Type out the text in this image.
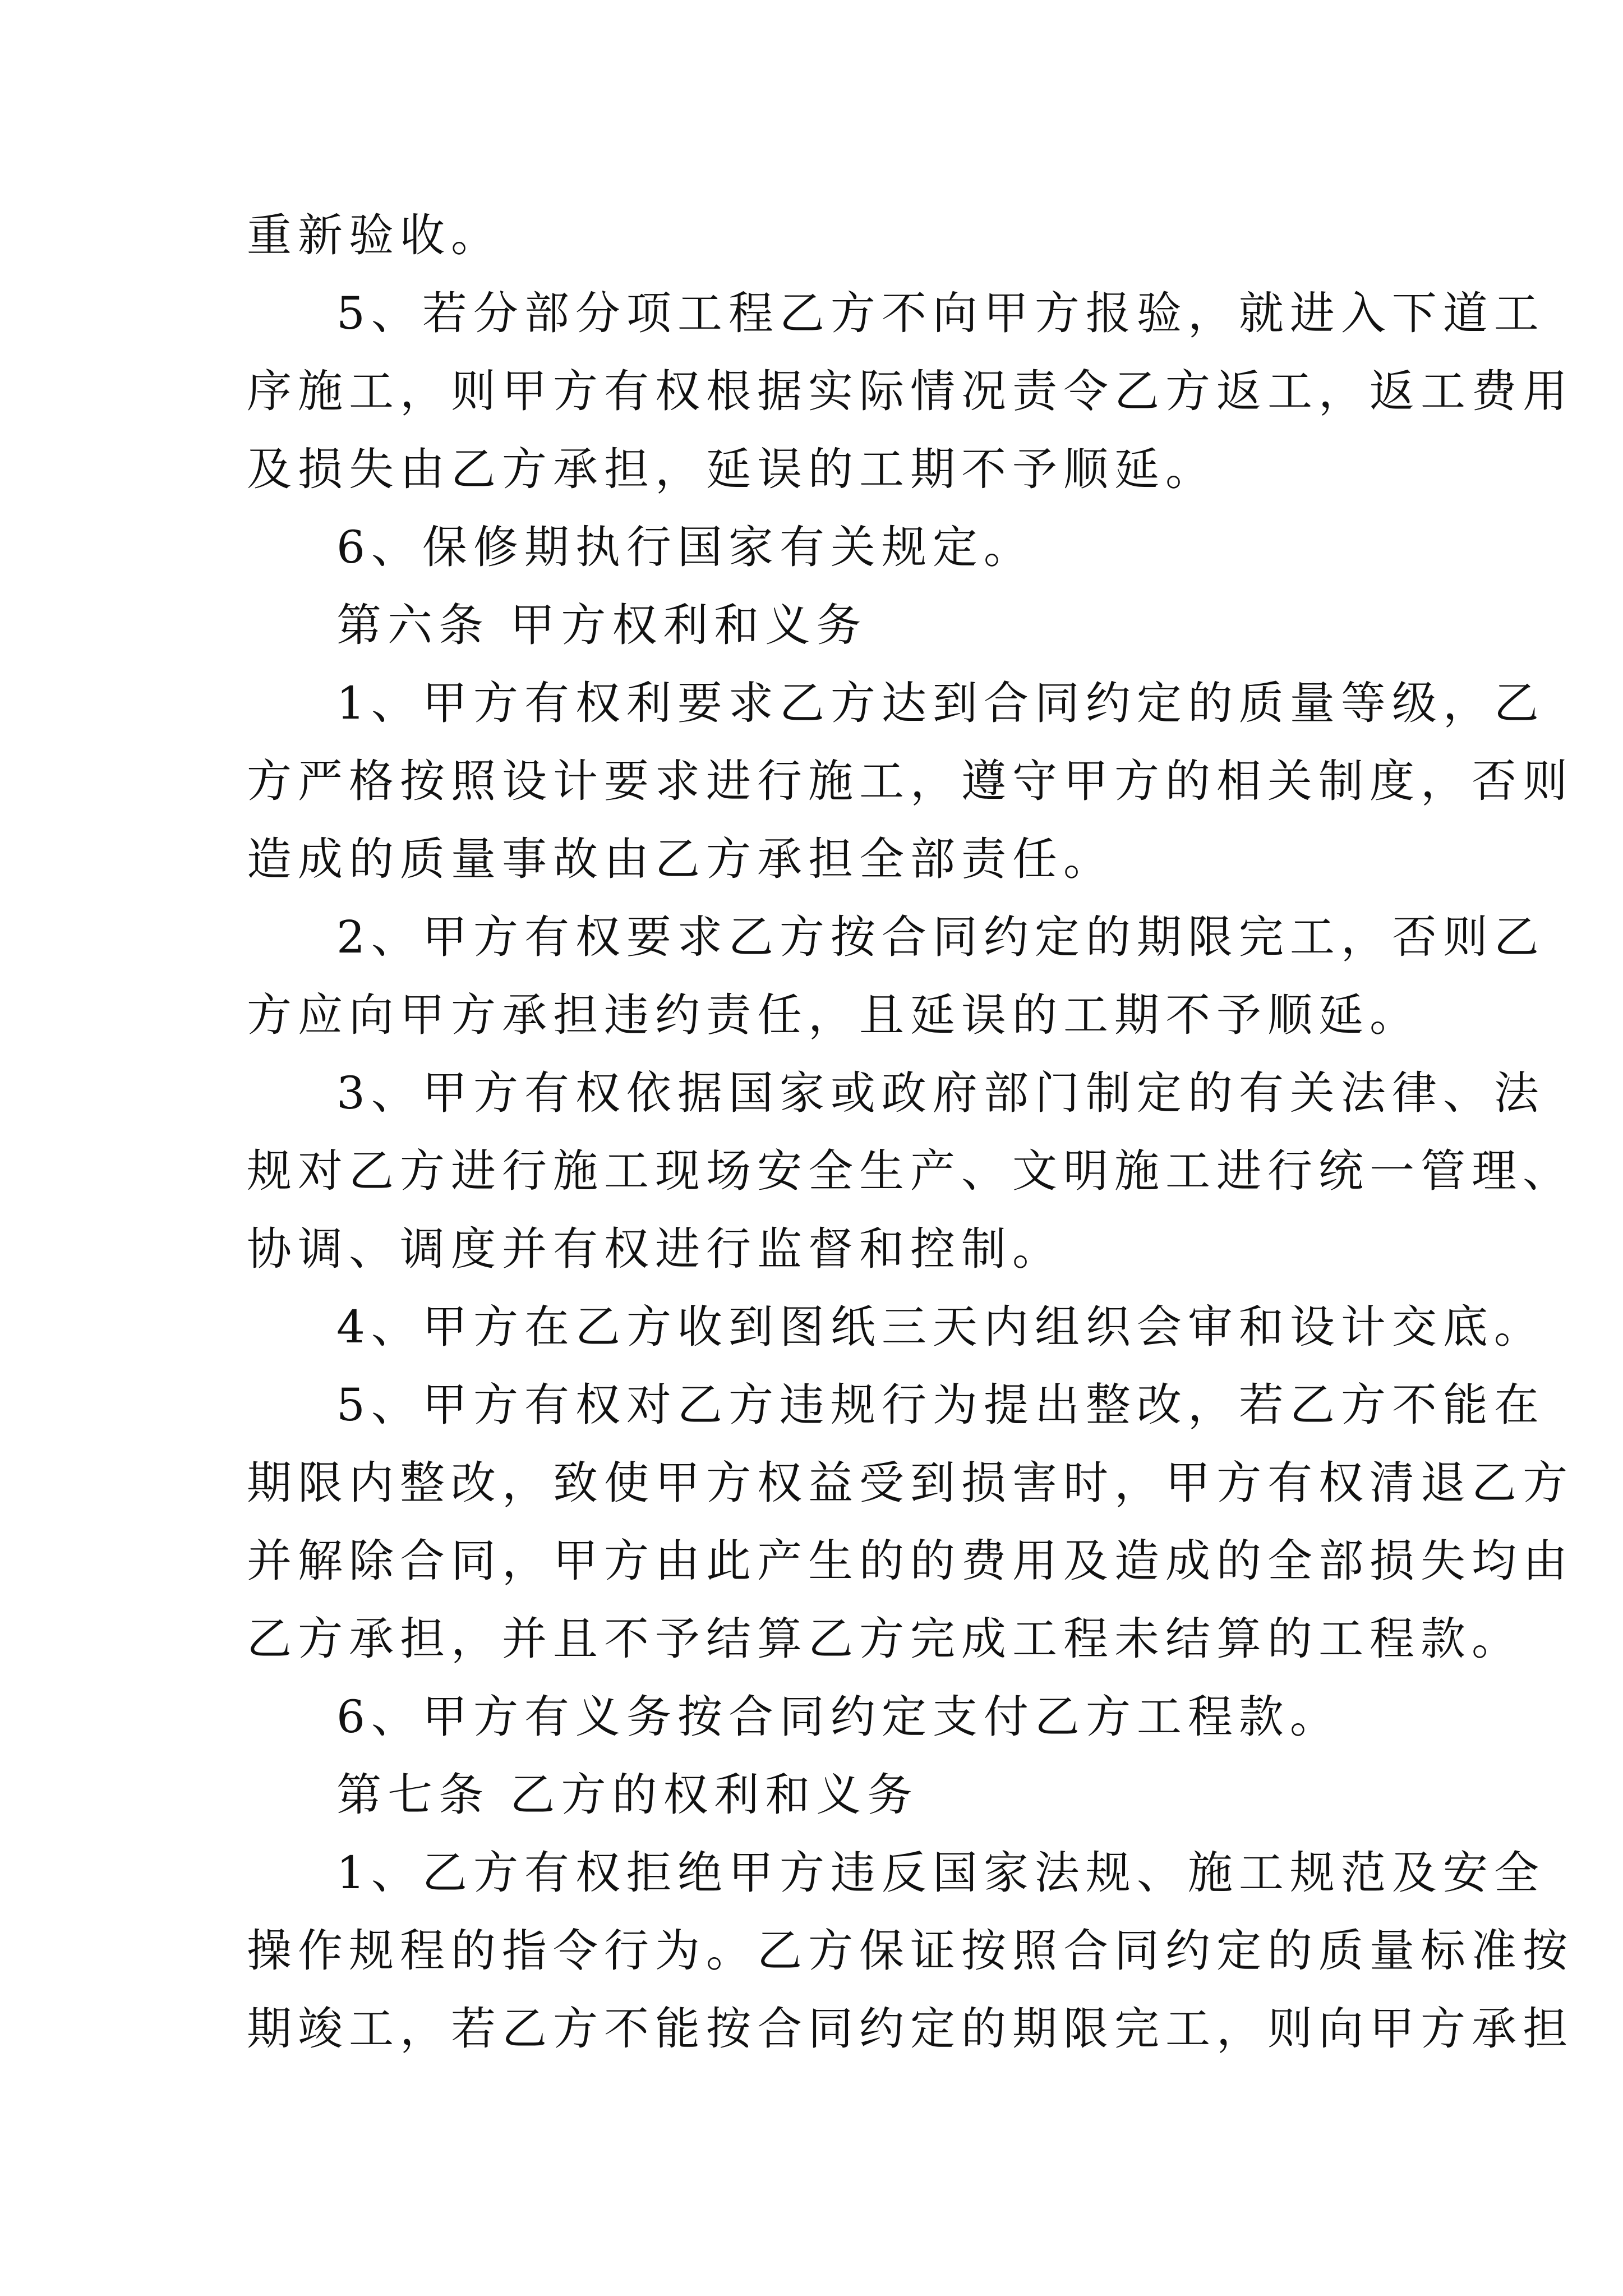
重新验收。
5、若分部分项工程乙方不向甲方报验，就进入下道工
序施工，则甲方有权根据实际情况责令乙方返工，返工费用
及损失由乙方承担，延误的工期不予顺延。
6、保修期执行国家有关规定。
第六条 甲方权利和义务
1、甲方有权利要求乙方达到合同约定的质量等级，乙
方严格按照设计要求进行施工，遵守甲方的相关制度，否则
造成的质量事故由乙方承担全部责任。
2、甲方有权要求乙方按合同约定的期限完工，否则乙
方应向甲方承担违约责任，且延误的工期不予顺延。
3、甲方有权依据国家或政府部门制定的有关法律、法
规对乙方进行施工现场安全生产、文明施工进行统一管理、
协调、调度并有权进行监督和控制。
4、甲方在乙方收到图纸三天内组织会审和设计交底。
5、甲方有权对乙方违规行为提出整改，若乙方不能在
期限内整改，致使甲方权益受到损害时，甲方有权清退乙方
并解除合同，甲方由此产生的的费用及造成的全部损失均由
乙方承担，并且不予结算乙方完成工程未结算的工程款。
6、甲方有义务按合同约定支付乙方工程款。
第七条 乙方的权利和义务
1、乙方有权拒绝甲方违反国家法规、施工规范及安全
操作规程的指令行为。乙方保证按照合同约定的质量标准按
期竣工，若乙方不能按合同约定的期限完工，则向甲方承担
